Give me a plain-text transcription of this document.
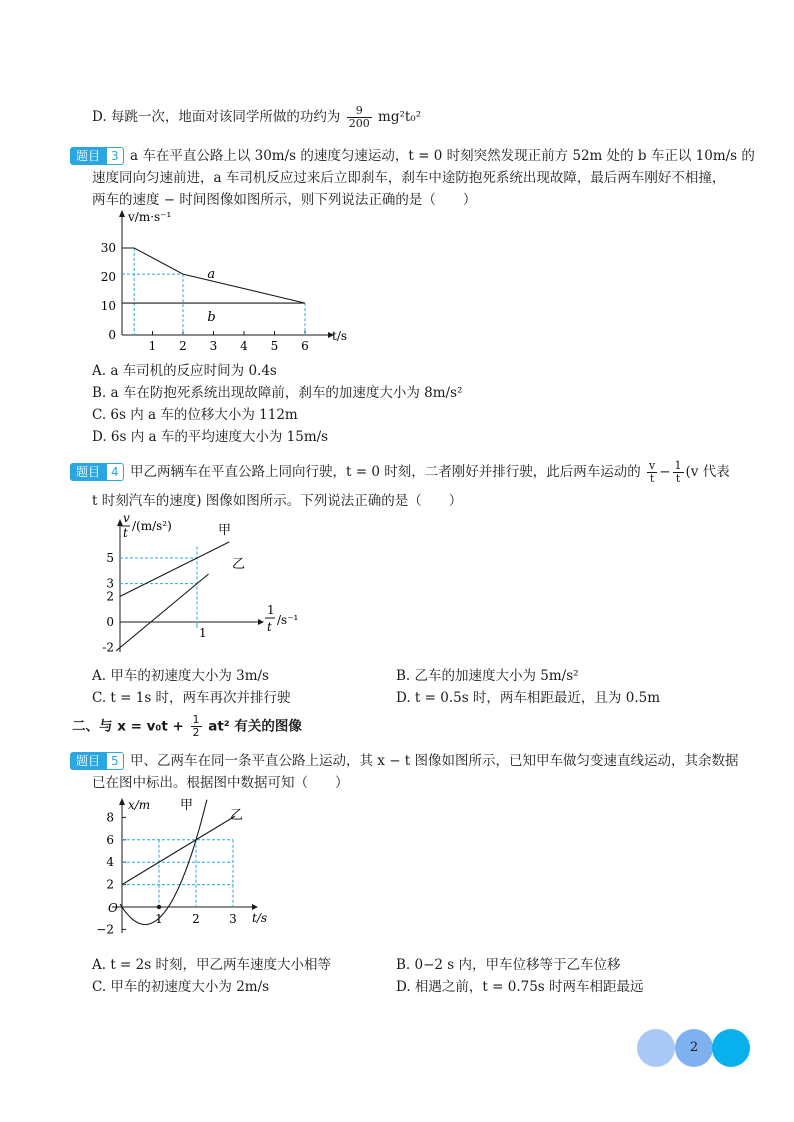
D. 每跳一次，地面对该同学所做的功约为 $\frac{9}{200} mg^2t_0^2$
题目 3 a 车在平直公路上以 30m/s 的速度匀速运动，t = 0 时刻突然发现正前方 52m 处的 b 车正以 10m/s 的
速度同向匀速前进，a 车司机反应过来后立即刹车，刹车中途防抱死系统出现故障，最后两车刚好不相撞，
两车的速度 − 时间图像如图所示，则下列说法正确的是（　　）
v/m·s⁻¹
t/s
30
20
10
0
1 2 3 4 5 6
a
b
A. a 车司机的反应时间为 0.4s
B. a 车在防抱死系统出现故障前，刹车的加速度大小为 8m/s²
C. 6s 内 a 车的位移大小为 112m
D. 6s 内 a 车的平均速度大小为 15m/s
题目 4 甲乙两辆车在平直公路上同向行驶，t = 0 时刻，二者刚好并排行驶，此后两车运动的 $\frac{v}{t} - \frac{1}{t} (v$ 代表
t 时刻汽车的速度) 图像如图所示。下列说法正确的是（　　）
v
t /(m/s²)
1
t /s⁻¹
5
3
2
0
-2
1
甲
乙
A. 甲车的初速度大小为 3m/s	B. 乙车的加速度大小为 5m/s²
C. t = 1s 时，两车再次并排行驶	D. t = 0.5s 时，两车相距最近，且为 0.5m
二、与 $x = v_0t + \frac{1}{2} at^2$ 有关的图像
题目 5 甲、乙两车在同一条平直公路上运动，其 x − t 图像如图所示，已知甲车做匀变速直线运动，其余数据
已在图中标出。根据图中数据可知（　　）
x/m
t/s
O
8
6
4
2
−2
1 2 3
甲
乙
A. t = 2s 时刻，甲乙两车速度大小相等	B. 0−2 s 内，甲车位移等于乙车位移
C. 甲车的初速度大小为 2m/s	D. 相遇之前，t = 0.75s 时两车相距最远
2
